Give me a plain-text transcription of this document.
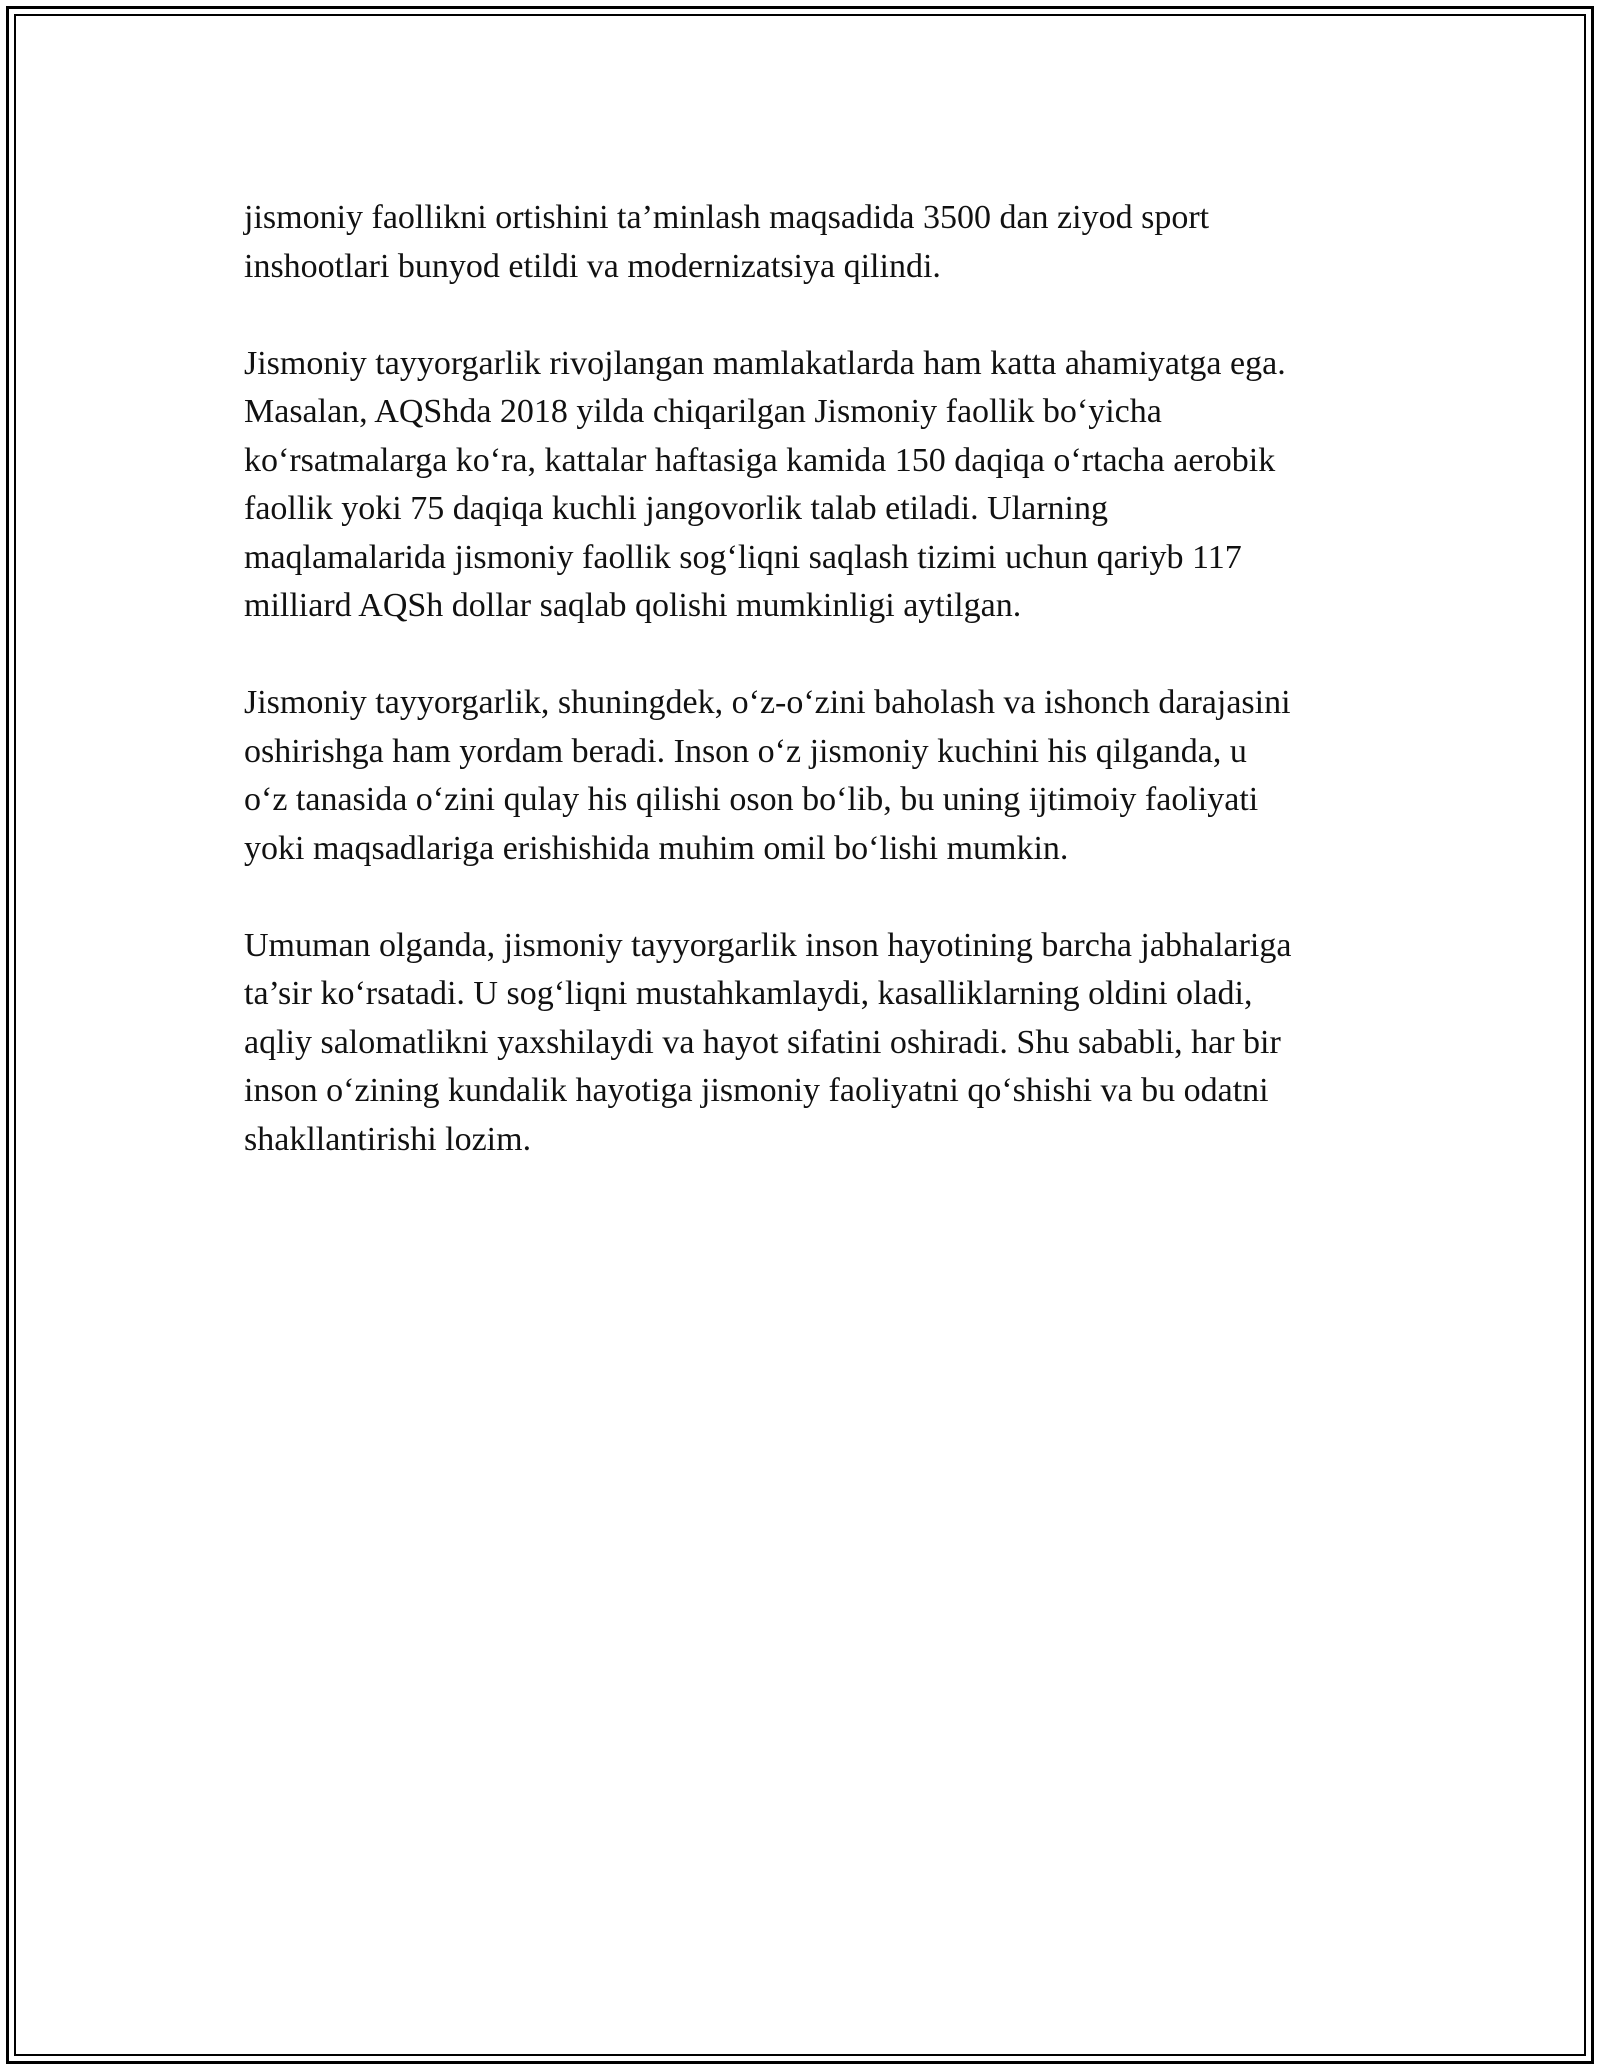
jismoniy faollikni ortishini ta’minlash maqsadida 3500 dan ziyod sport
inshootlari bunyod etildi va modernizatsiya qilindi.

Jismoniy tayyorgarlik rivojlangan mamlakatlarda ham katta ahamiyatga ega.
Masalan, AQShda 2018 yilda chiqarilgan Jismoniy faollik bo‘yicha
ko‘rsatmalarga ko‘ra, kattalar haftasiga kamida 150 daqiqa o‘rtacha aerobik
faollik yoki 75 daqiqa kuchli jangovorlik talab etiladi. Ularning
maqlamalarida jismoniy faollik sog‘liqni saqlash tizimi uchun qariyb 117
milliard AQSh dollar saqlab qolishi mumkinligi aytilgan.

Jismoniy tayyorgarlik, shuningdek, o‘z-o‘zini baholash va ishonch darajasini
oshirishga ham yordam beradi. Inson o‘z jismoniy kuchini his qilganda, u
o‘z tanasida o‘zini qulay his qilishi oson bo‘lib, bu uning ijtimoiy faoliyati
yoki maqsadlariga erishishida muhim omil bo‘lishi mumkin.

Umuman olganda, jismoniy tayyorgarlik inson hayotining barcha jabhalariga
ta’sir ko‘rsatadi. U sog‘liqni mustahkamlaydi, kasalliklarning oldini oladi,
aqliy salomatlikni yaxshilaydi va hayot sifatini oshiradi. Shu sababli, har bir
inson o‘zining kundalik hayotiga jismoniy faoliyatni qo‘shishi va bu odatni
shakllantirishi lozim.
